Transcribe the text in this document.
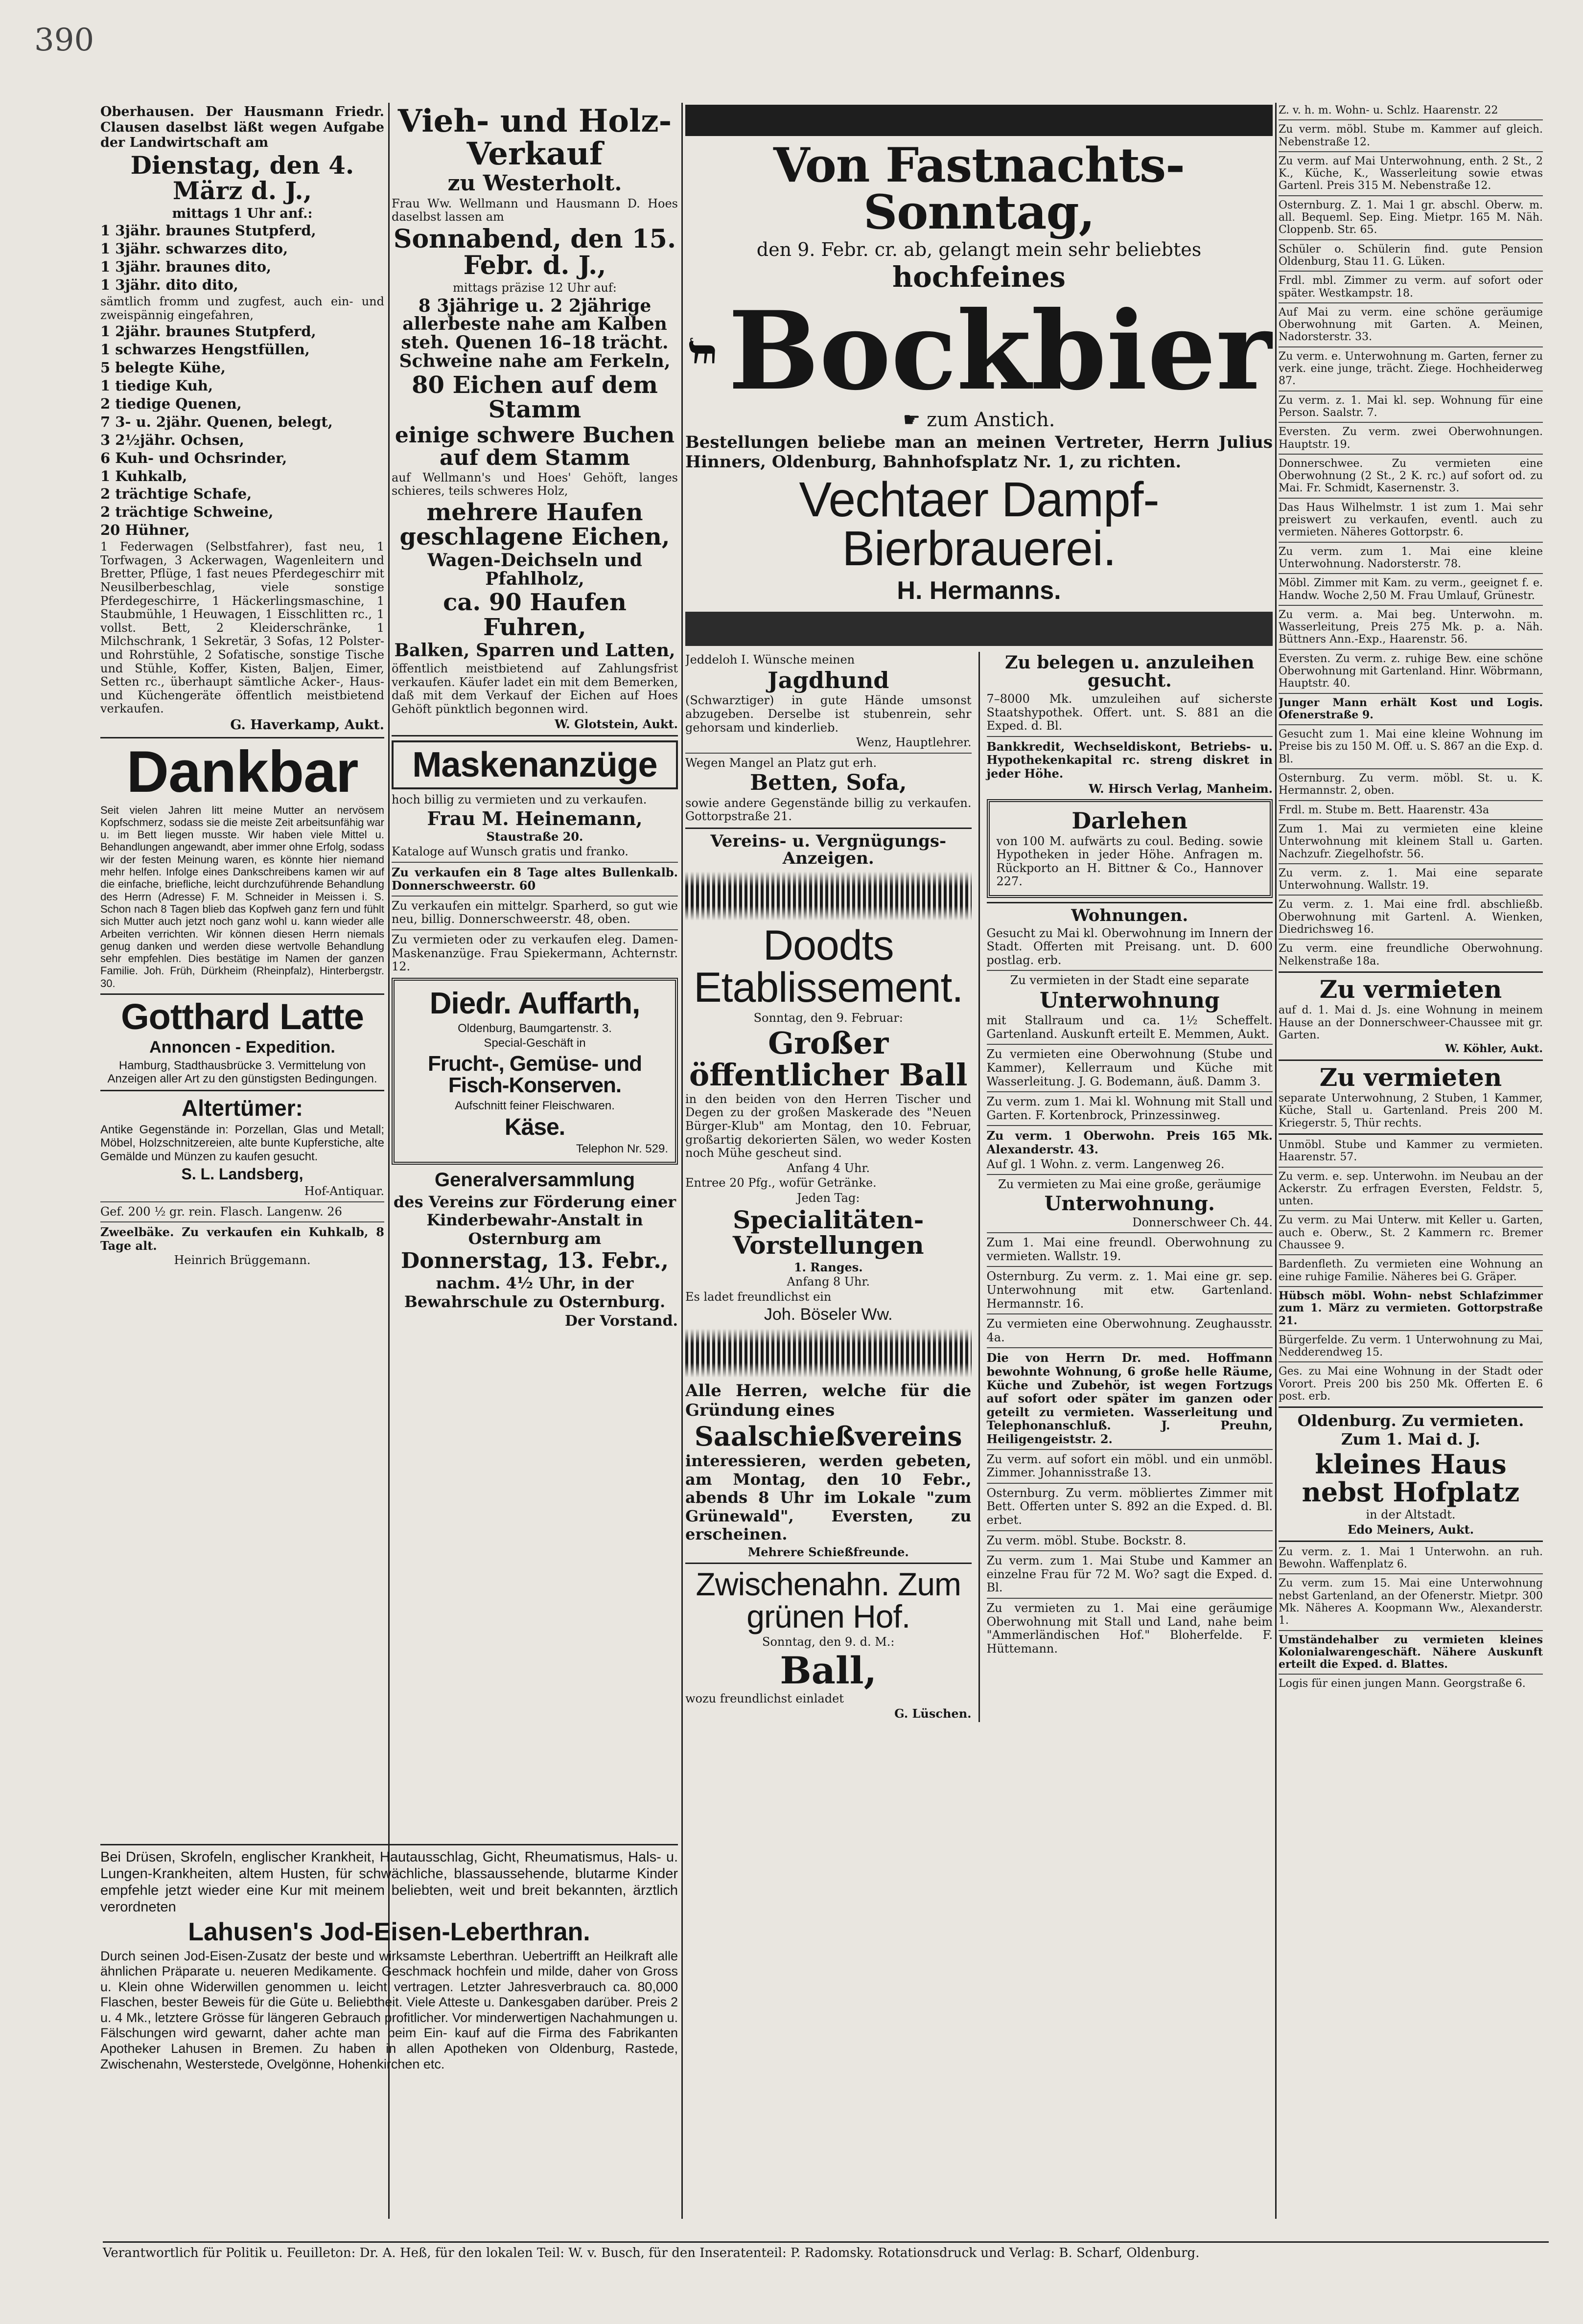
390

Oberhausen. Der Hausmann Friedr. Clausen daselbst läßt wegen Aufgabe der Landwirtschaft am

Dienstag, den 4. März d. J.,

mittags 1 Uhr anf.:

1 3jähr. braunes Stutpferd,

1 3jähr. schwarzes dito,

1 3jähr. braunes dito,

1 3jähr. dito dito,

sämtlich fromm und zugfest, auch ein- und zweispännig eingefahren,

1 2jähr. braunes Stutpferd,

1 schwarzes Hengstfüllen,

5 belegte Kühe,

1 tiedige Kuh,

2 tiedige Quenen,

7 3- u. 2jähr. Quenen, belegt,

3 2½jähr. Ochsen,

6 Kuh- und Ochsrinder,

1 Kuhkalb,

2 trächtige Schafe,

2 trächtige Schweine,

20 Hühner,

1 Federwagen (Selbstfahrer), fast neu, 1 Torfwagen, 3 Ackerwagen, Wagenleitern und Bretter, Pflüge, 1 fast neues Pferdegeschirr mit Neusilberbeschlag, viele sonstige Pferdegeschirre, 1 Häckerlingsmaschine, 1 Staubmühle, 1 Heuwagen, 1 Eisschlitten rc., 1 vollst. Bett, 2 Kleiderschränke, 1 Milchschrank, 1 Sekretär, 3 Sofas, 12 Polster- und Rohrstühle, 2 Sofatische, sonstige Tische und Stühle, Koffer, Kisten, Baljen, Eimer, Setten rc., überhaupt sämtliche Acker-, Haus- und Küchengeräte öffentlich meistbietend verkaufen.

G. Haverkamp, Aukt.

Dankbar

Seit vielen Jahren litt meine Mutter an nervösem Kopfschmerz, sodass sie die meiste Zeit arbeitsunfähig war u. im Bett liegen musste. Wir haben viele Mittel u. Behandlungen angewandt, aber immer ohne Erfolg, sodass wir der festen Meinung waren, es könnte hier niemand mehr helfen. Infolge eines Dankschreibens kamen wir auf die einfache, briefliche, leicht durchzuführende Behandlung des Herrn (Adresse) F. M. Schneider in Meissen i. S. Schon nach 8 Tagen blieb das Kopfweh ganz fern und fühlt sich Mutter auch jetzt noch ganz wohl u. kann wieder alle Arbeiten verrichten. Wir können diesen Herrn niemals genug danken und werden diese wertvolle Behandlung sehr empfehlen. Dies bestätige im Namen der ganzen Familie. Joh. Früh, Dürkheim (Rheinpfalz), Hinterbergstr. 30.

Gotthard Latte

Annoncen - Expedition.

Hamburg, Stadthausbrücke 3. Vermittelung von Anzeigen aller Art zu den günstigsten Bedingungen.

Altertümer:

Antike Gegenstände in: Porzellan, Glas und Metall; Möbel, Holzschnitzereien, alte bunte Kupferstiche, alte Gemälde und Münzen zu kaufen gesucht.

S. L. Landsberg,

Hof-Antiquar.

Gef. 200 ½ gr. rein. Flasch. Langenw. 26

Zweelbäke. Zu verkaufen ein Kuhkalb, 8 Tage alt.

Heinrich Brüggemann.

Vieh- und Holz-Verkauf

zu Westerholt.

Frau Ww. Wellmann und Hausmann D. Hoes daselbst lassen am

Sonnabend, den 15. Febr. d. J.,

mittags präzise 12 Uhr auf:

8 3jährige u. 2 2jährige allerbeste nahe am Kalben steh. Quenen 16–18 trächt. Schweine nahe am Ferkeln,

80 Eichen auf dem Stamm

einige schwere Buchen auf dem Stamm

auf Wellmann's und Hoes' Gehöft, langes schieres, teils schweres Holz,

mehrere Haufen geschlagene Eichen,

Wagen-Deichseln und Pfahlholz,

ca. 90 Haufen Fuhren,

Balken, Sparren und Latten,

öffentlich meistbietend auf Zahlungsfrist verkaufen. Käufer ladet ein mit dem Bemerken, daß mit dem Verkauf der Eichen auf Hoes Gehöft pünktlich begonnen wird.

W. Glotstein, Aukt.

Maskenanzüge

hoch billig zu vermieten und zu verkaufen.

Frau M. Heinemann,

Staustraße 20.

Kataloge auf Wunsch gratis und franko.

Zu verkaufen ein 8 Tage altes Bullenkalb. Donnerschweerstr. 60

Zu verkaufen ein mittelgr. Sparherd, so gut wie neu, billig. Donnerschweerstr. 48, oben.

Zu vermieten oder zu verkaufen eleg. Damen-Maskenanzüge. Frau Spiekermann, Achternstr. 12.

Diedr. Auffarth,

Oldenburg, Baumgartenstr. 3.

Special-Geschäft in

Frucht-, Gemüse- und Fisch-Konserven.

Aufschnitt feiner Fleischwaren.

Käse.

Telephon Nr. 529.

Generalversammlung

des Vereins zur Förderung einer Kinderbewahr-Anstalt in Osternburg am

Donnerstag, 13. Febr.,

nachm. 4½ Uhr, in der Bewahrschule zu Osternburg.

Der Vorstand.

Bei Drüsen, Skrofeln, englischer Krankheit, Hautausschlag, Gicht, Rheumatismus, Hals- u. Lungen-Krankheiten, altem Husten, für schwächliche, blassaussehende, blutarme Kinder empfehle jetzt wieder eine Kur mit meinem beliebten, weit und breit bekannten, ärztlich verordneten

Lahusen's Jod-Eisen-Leberthran.

Durch seinen Jod-Eisen-Zusatz der beste und wirksamste Leberthran. Uebertrifft an Heilkraft alle ähnlichen Präparate u. neueren Medikamente. Geschmack hochfein und milde, daher von Gross u. Klein ohne Widerwillen genommen u. leicht vertragen. Letzter Jahresverbrauch ca. 80,000 Flaschen, bester Beweis für die Güte u. Beliebtheit. Viele Atteste u. Dankesgaben darüber. Preis 2 u. 4 Mk., letztere Grösse für längeren Gebrauch profitlicher. Vor minderwertigen Nachahmungen u. Fälschungen wird gewarnt, daher achte man beim Ein- kauf auf die Firma des Fabrikanten Apotheker Lahusen in Bremen. Zu haben in allen Apotheken von Oldenburg, Rastede, Zwischenahn, Westerstede, Ovelgönne, Hohenkirchen etc.

Von Fastnachts-Sonntag,

den 9. Febr. cr. ab, gelangt mein sehr beliebtes

hochfeines

Bockbier

☛ zum Anstich.

Bestellungen beliebe man an meinen Vertreter, Herrn Julius Hinners, Oldenburg, Bahnhofsplatz Nr. 1, zu richten.

Vechtaer Dampf-Bierbrauerei.

H. Hermanns.

Jeddeloh I. Wünsche meinen

Jagdhund

(Schwarztiger) in gute Hände umsonst abzugeben. Derselbe ist stubenrein, sehr gehorsam und kinderlieb.

Wenz, Hauptlehrer.

Wegen Mangel an Platz gut erh.

Betten, Sofa,

sowie andere Gegenstände billig zu verkaufen. Gottorpstraße 21.

Vereins- u. Vergnügungs-Anzeigen.

Doodts Etablissement.

Sonntag, den 9. Februar:

Großer öffentlicher Ball

in den beiden von den Herren Tischer und Degen zu der großen Maskerade des "Neuen Bürger-Klub" am Montag, den 10. Februar, großartig dekorierten Sälen, wo weder Kosten noch Mühe gescheut sind.

Anfang 4 Uhr.

Entree 20 Pfg., wofür Getränke.

Jeden Tag:

Specialitäten-Vorstellungen

1. Ranges.

Anfang 8 Uhr.

Es ladet freundlichst ein

Joh. Böseler Ww.

Alle Herren, welche für die Gründung eines

Saalschießvereins

interessieren, werden gebeten, am Montag, den 10 Febr., abends 8 Uhr im Lokale "zum Grünewald", Eversten, zu erscheinen.

Mehrere Schießfreunde.

Zwischenahn. Zum grünen Hof.

Sonntag, den 9. d. M.:

Ball,

wozu freundlichst einladet

G. Lüschen.

Zu belegen u. anzuleihen gesucht.

7–8000 Mk. umzuleihen auf sicherste Staatshypothek. Offert. unt. S. 881 an die Exped. d. Bl.

Bankkredit, Wechseldiskont, Betriebs- u. Hypothekenkapital rc. streng diskret in jeder Höhe.

W. Hirsch Verlag, Manheim.

Darlehen

von 100 M. aufwärts zu coul. Beding. sowie Hypotheken in jeder Höhe. Anfragen m. Rückporto an H. Bittner & Co., Hannover 227.

Wohnungen.

Gesucht zu Mai kl. Oberwohnung im Innern der Stadt. Offerten mit Preisang. unt. D. 600 postlag. erb.

Zu vermieten in der Stadt eine separate

Unterwohnung

mit Stallraum und ca. 1½ Scheffelt. Gartenland. Auskunft erteilt E. Memmen, Aukt.

Zu vermieten eine Oberwohnung (Stube und Kammer), Kellerraum und Küche mit Wasserleitung. J. G. Bodemann, äuß. Damm 3.

Zu verm. zum 1. Mai kl. Wohnung mit Stall und Garten. F. Kortenbrock, Prinzessinweg.

Zu verm. 1 Oberwohn. Preis 165 Mk. Alexanderstr. 43.

Auf gl. 1 Wohn. z. verm. Langenweg 26.

Zu vermieten zu Mai eine große, geräumige

Unterwohnung.

Donnerschweer Ch. 44.

Zum 1. Mai eine freundl. Oberwohnung zu vermieten. Wallstr. 19.

Osternburg. Zu verm. z. 1. Mai eine gr. sep. Unterwohnung mit etw. Gartenland. Hermannstr. 16.

Zu vermieten eine Oberwohnung. Zeughausstr. 4a.

Die von Herrn Dr. med. Hoffmann bewohnte Wohnung, 6 große helle Räume, Küche und Zubehör, ist wegen Fortzugs auf sofort oder später im ganzen oder geteilt zu vermieten. Wasserleitung und Telephonanschluß. J. Preuhn, Heiligengeiststr. 2.

Zu verm. auf sofort ein möbl. und ein unmöbl. Zimmer. Johannisstraße 13.

Osternburg. Zu verm. möbliertes Zimmer mit Bett. Offerten unter S. 892 an die Exped. d. Bl. erbet.

Zu verm. möbl. Stube. Bockstr. 8.

Zu verm. zum 1. Mai Stube und Kammer an einzelne Frau für 72 M. Wo? sagt die Exped. d. Bl.

Zu vermieten zu 1. Mai eine geräumige Oberwohnung mit Stall und Land, nahe beim "Ammerländischen Hof." Bloherfelde. F. Hüttemann.

Z. v. h. m. Wohn- u. Schlz. Haarenstr. 22

Zu verm. möbl. Stube m. Kammer auf gleich. Nebenstraße 12.

Zu verm. auf Mai Unterwohnung, enth. 2 St., 2 K., Küche, K., Wasserleitung sowie etwas Gartenl. Preis 315 M. Nebenstraße 12.

Osternburg. Z. 1. Mai 1 gr. abschl. Oberw. m. all. Bequeml. Sep. Eing. Mietpr. 165 M. Näh. Cloppenb. Str. 65.

Schüler o. Schülerin find. gute Pension Oldenburg, Stau 11. G. Lüken.

Frdl. mbl. Zimmer zu verm. auf sofort oder später. Westkampstr. 18.

Auf Mai zu verm. eine schöne geräumige Oberwohnung mit Garten. A. Meinen, Nadorsterstr. 33.

Zu verm. e. Unterwohnung m. Garten, ferner zu verk. eine junge, trächt. Ziege. Hochheiderweg 87.

Zu verm. z. 1. Mai kl. sep. Wohnung für eine Person. Saalstr. 7.

Eversten. Zu verm. zwei Oberwohnungen. Hauptstr. 19.

Donnerschwee. Zu vermieten eine Oberwohnung (2 St., 2 K. rc.) auf sofort od. zu Mai. Fr. Schmidt, Kasernenstr. 3.

Das Haus Wilhelmstr. 1 ist zum 1. Mai sehr preiswert zu verkaufen, eventl. auch zu vermieten. Näheres Gottorpstr. 6.

Zu verm. zum 1. Mai eine kleine Unterwohnung. Nadorsterstr. 78.

Möbl. Zimmer mit Kam. zu verm., geeignet f. e. Handw. Woche 2,50 M. Frau Umlauf, Grünestr.

Zu verm. a. Mai beg. Unterwohn. m. Wasserleitung, Preis 275 Mk. p. a. Näh. Büttners Ann.-Exp., Haarenstr. 56.

Eversten. Zu verm. z. ruhige Bew. eine schöne Oberwohnung mit Gartenland. Hinr. Wöbrmann, Hauptstr. 40.

Junger Mann erhält Kost und Logis. Ofenerstraße 9.

Gesucht zum 1. Mai eine kleine Wohnung im Preise bis zu 150 M. Off. u. S. 867 an die Exp. d. Bl.

Osternburg. Zu verm. möbl. St. u. K. Hermannstr. 2, oben.

Frdl. m. Stube m. Bett. Haarenstr. 43a

Zum 1. Mai zu vermieten eine kleine Unterwohnung mit kleinem Stall u. Garten. Nachzufr. Ziegelhofstr. 56.

Zu verm. z. 1. Mai eine separate Unterwohnung. Wallstr. 19.

Zu verm. z. 1. Mai eine frdl. abschließb. Oberwohnung mit Gartenl. A. Wienken, Diedrichsweg 16.

Zu verm. eine freundliche Oberwohnung. Nelkenstraße 18a.

Zu vermieten

auf d. 1. Mai d. Js. eine Wohnung in meinem Hause an der Donnerschweer-Chaussee mit gr. Garten.

W. Köhler, Aukt.

Zu vermieten

separate Unterwohnung, 2 Stuben, 1 Kammer, Küche, Stall u. Gartenland. Preis 200 M. Kriegerstr. 5, Thür rechts.

Unmöbl. Stube und Kammer zu vermieten. Haarenstr. 57.

Zu verm. e. sep. Unterwohn. im Neubau an der Ackerstr. Zu erfragen Eversten, Feldstr. 5, unten.

Zu verm. zu Mai Unterw. mit Keller u. Garten, auch e. Oberw., St. 2 Kammern rc. Bremer Chaussee 9.

Bardenfleth. Zu vermieten eine Wohnung an eine ruhige Familie. Näheres bei G. Gräper.

Hübsch möbl. Wohn- nebst Schlafzimmer zum 1. März zu vermieten. Gottorpstraße 21.

Bürgerfelde. Zu verm. 1 Unterwohnung zu Mai, Nedderendweg 15.

Ges. zu Mai eine Wohnung in der Stadt oder Vorort. Preis 200 bis 250 Mk. Offerten E. 6 post. erb.

Oldenburg. Zu vermieten. Zum 1. Mai d. J.

kleines Haus nebst Hofplatz

in der Altstadt.

Edo Meiners, Aukt.

Zu verm. z. 1. Mai 1 Unterwohn. an ruh. Bewohn. Waffenplatz 6.

Zu verm. zum 15. Mai eine Unterwohnung nebst Gartenland, an der Ofenerstr. Mietpr. 300 Mk. Näheres A. Koopmann Ww., Alexanderstr. 1.

Umständehalber zu vermieten kleines Kolonialwarengeschäft. Nähere Auskunft erteilt die Exped. d. Blattes.

Logis für einen jungen Mann. Georgstraße 6.

Verantwortlich für Politik u. Feuilleton: Dr. A. Heß, für den lokalen Teil: W. v. Busch, für den Inseratenteil: P. Radomsky. Rotationsdruck und Verlag: B. Scharf, Oldenburg.
